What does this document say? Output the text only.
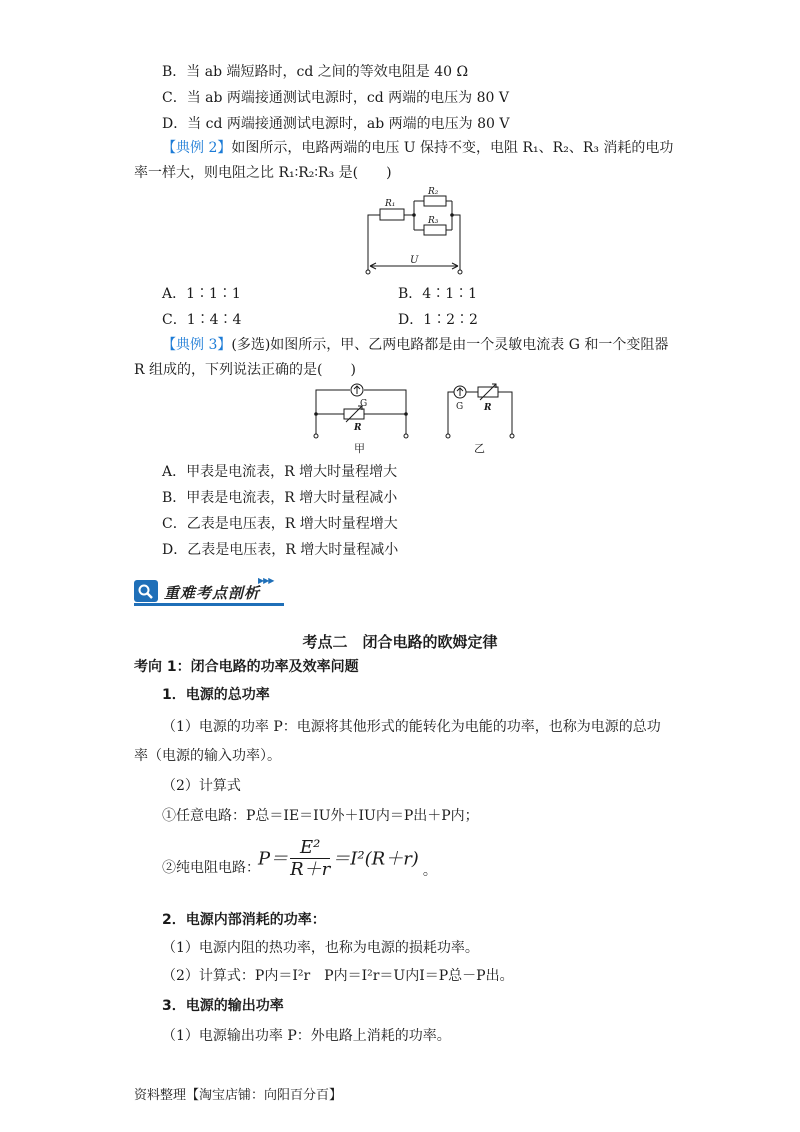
B．当 ab 端短路时，cd 之间的等效电阻是 40 Ω
C．当 ab 两端接通测试电源时，cd 两端的电压为 80 V
D．当 cd 两端接通测试电源时，ab 两端的电压为 80 V
【典例 2】如图所示，电路两端的电压 U 保持不变，电阻 R₁、R₂、R₃ 消耗的电功
率一样大，则电阻之比 R₁∶R₂∶R₃ 是(　　)
R₁
R₂
R₃
U
A．1∶1∶1	B．4∶1∶1
C．1∶4∶4	D．1∶2∶2
【典例 3】(多选)如图所示，甲、乙两电路都是由一个灵敏电流表 G 和一个变阻器
R 组成的，下列说法正确的是(　　)
G
R
甲
G R
乙
A．甲表是电流表，R 增大时量程增大
B．甲表是电流表，R 增大时量程减小
C．乙表是电压表，R 增大时量程增大
D．乙表是电压表，R 增大时量程减小
重难考点剖析
▶▶▶
考点二　闭合电路的欧姆定律
考向 1：闭合电路的功率及效率问题
1．电源的总功率
（1）电源的功率 P：电源将其他形式的能转化为电能的功率，也称为电源的总功
率（电源的输入功率）。
（2）计算式
①任意电路：P总＝IE＝IU外＋IU内＝P出＋P内；
②纯电阻电路：
$P= \frac{\text{E²}}{R+r} =I^2(R+r)_。$
2．电源内部消耗的功率：
（1）电源内阻的热功率，也称为电源的损耗功率。
（2）计算式：P内＝I²r　P内＝I²r＝U内I＝P总－P出。
3．电源的输出功率
（1）电源输出功率 P：外电路上消耗的功率。
资料整理【淘宝店铺：向阳百分百】
